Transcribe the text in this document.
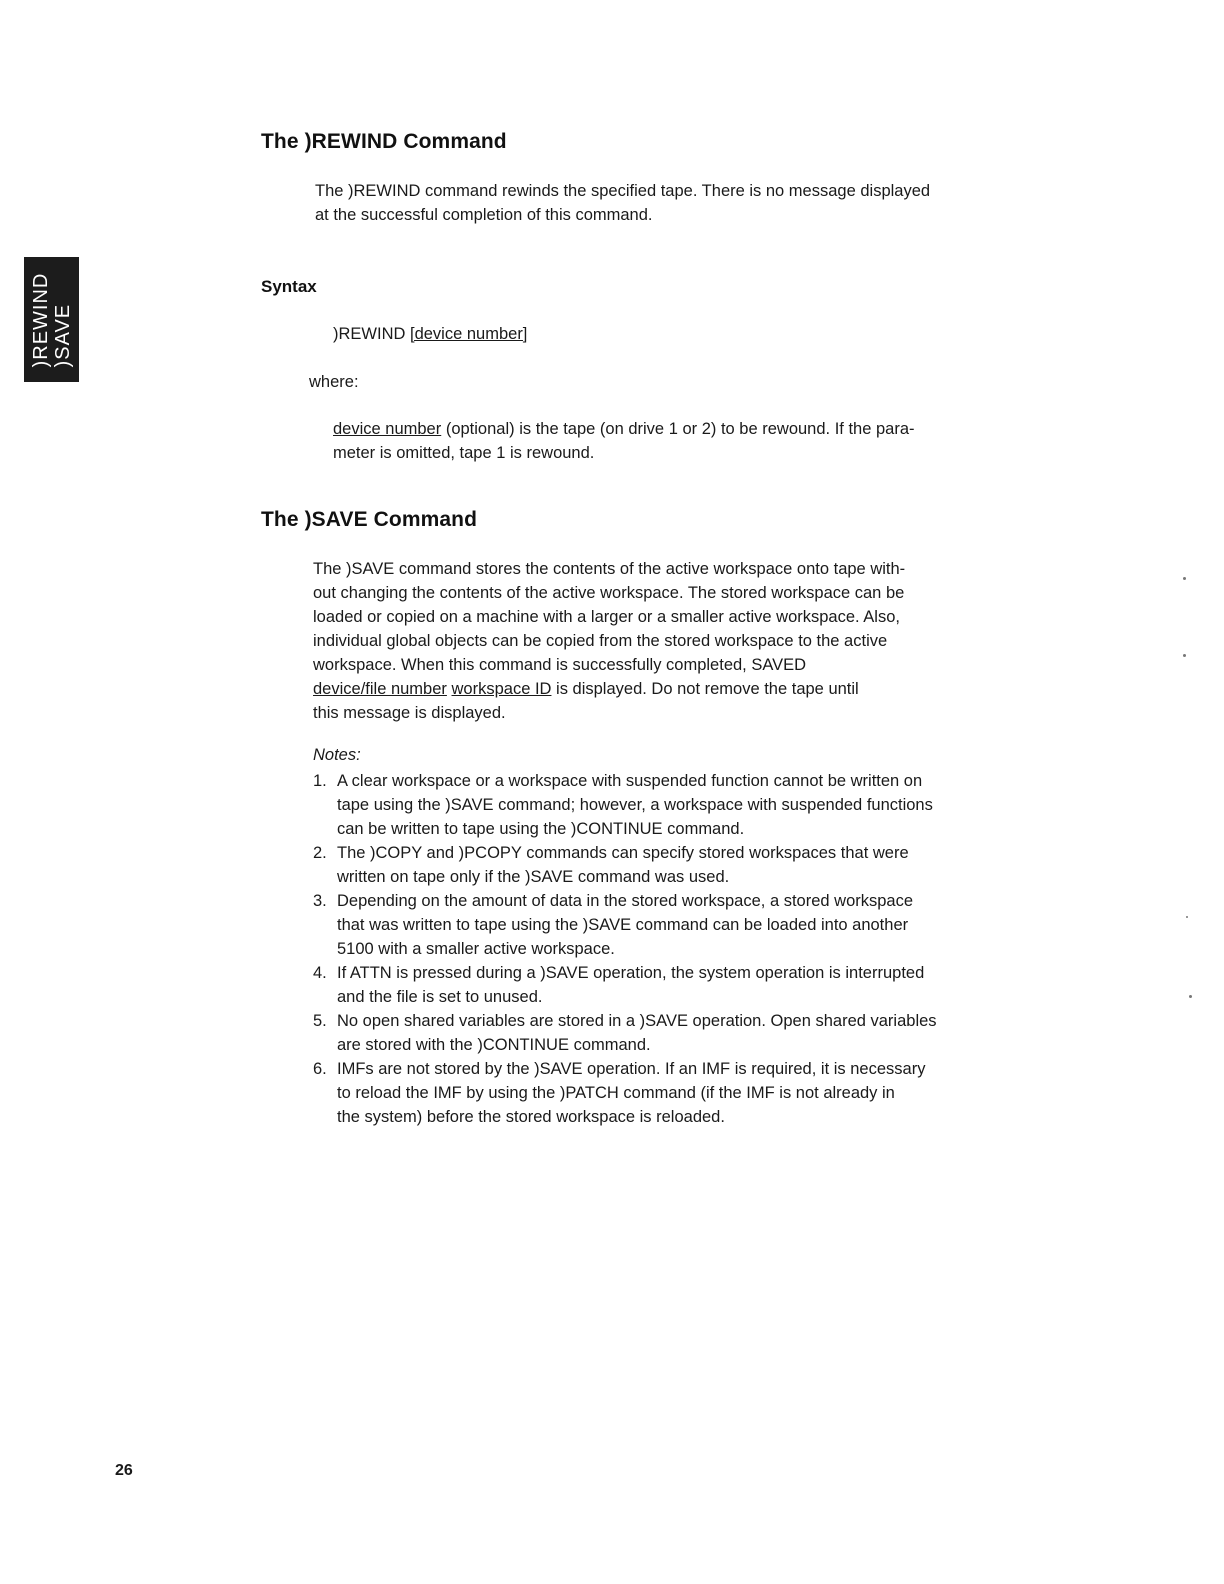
)REWIND )SAVE
The )REWIND Command

The )REWIND command rewinds the specified tape. There is no message displayed

at the successful completion of this command.

Syntax
)REWIND [device number]
where:

device number (optional) is the tape (on drive 1 or 2) to be rewound. If the para-

meter is omitted, tape 1 is rewound.

The )SAVE Command

The )SAVE command stores the contents of the active workspace onto tape with-

out changing the contents of the active workspace. The stored workspace can be

loaded or copied on a machine with a larger or a smaller active workspace. Also,

individual global objects can be copied from the stored workspace to the active

workspace. When this command is successfully completed, SAVED

device/file number workspace ID is displayed. Do not remove the tape until

this message is displayed.

Notes:
1. A clear workspace or a workspace with suspended function cannot be written on
tape using the )SAVE command; however, a workspace with suspended functions
can be written to tape using the )CONTINUE command.
2. The )COPY and )PCOPY commands can specify stored workspaces that were
written on tape only if the )SAVE command was used.
3. Depending on the amount of data in the stored workspace, a stored workspace
that was written to tape using the )SAVE command can be loaded into another
5100 with a smaller active workspace.
4. If ATTN is pressed during a )SAVE operation, the system operation is interrupted
and the file is set to unused.
5. No open shared variables are stored in a )SAVE operation. Open shared variables
are stored with the )CONTINUE command.
6. IMFs are not stored by the )SAVE operation. If an IMF is required, it is necessary
to reload the IMF by using the )PATCH command (if the IMF is not already in
the system) before the stored workspace is reloaded.
26
